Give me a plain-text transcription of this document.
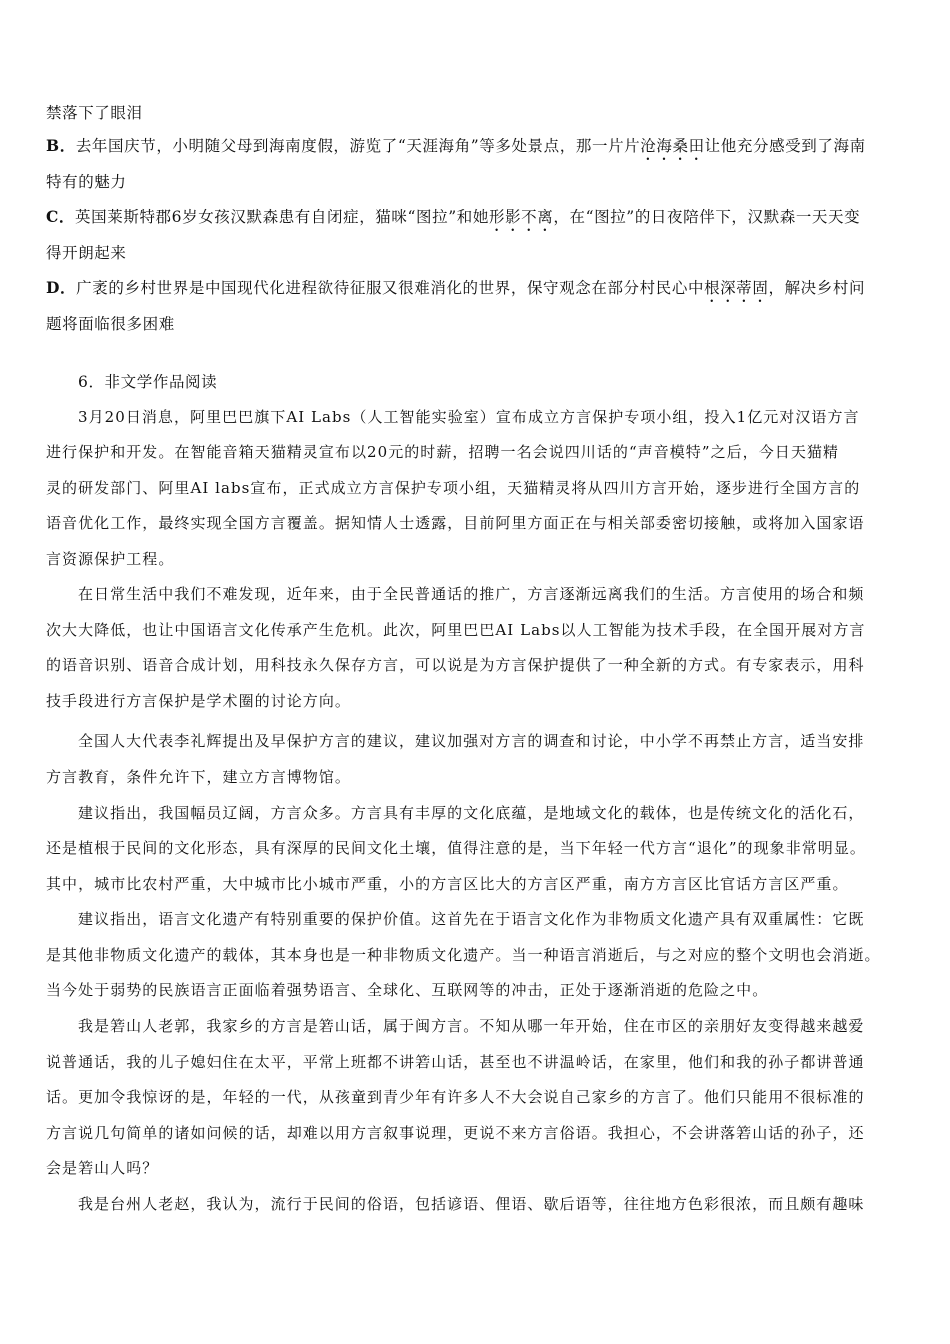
禁落下了眼泪
B．去年国庆节，小明随父母到海南度假，游览了“天涯海角”等多处景点，那一片片沧海桑田让他充分感受到了海南
特有的魅力
C．英国莱斯特郡6岁女孩汉默森患有自闭症，猫咪“图拉”和她形影不离，在“图拉”的日夜陪伴下，汉默森一天天变
得开朗起来
D．广袤的乡村世界是中国现代化进程欲待征服又很难消化的世界，保守观念在部分村民心中根深蒂固，解决乡村问
题将面临很多困难
6．非文学作品阅读
3月20日消息，阿里巴巴旗下AI Labs（人工智能实验室）宣布成立方言保护专项小组，投入1亿元对汉语方言
进行保护和开发。在智能音箱天猫精灵宣布以20元的时薪，招聘一名会说四川话的“声音模特”之后，今日天猫精
灵的研发部门、阿里AI labs宣布，正式成立方言保护专项小组，天猫精灵将从四川方言开始，逐步进行全国方言的
语音优化工作，最终实现全国方言覆盖。据知情人士透露，目前阿里方面正在与相关部委密切接触，或将加入国家语
言资源保护工程。
在日常生活中我们不难发现，近年来，由于全民普通话的推广，方言逐渐远离我们的生活。方言使用的场合和频
次大大降低，也让中国语言文化传承产生危机。此次，阿里巴巴AI Labs以人工智能为技术手段，在全国开展对方言
的语音识别、语音合成计划，用科技永久保存方言，可以说是为方言保护提供了一种全新的方式。有专家表示，用科
技手段进行方言保护是学术圈的讨论方向。
全国人大代表李礼辉提出及早保护方言的建议，建议加强对方言的调查和讨论，中小学不再禁止方言，适当安排
方言教育，条件允许下，建立方言博物馆。
建议指出，我国幅员辽阔，方言众多。方言具有丰厚的文化底蕴，是地域文化的载体，也是传统文化的活化石，
还是植根于民间的文化形态，具有深厚的民间文化土壤，值得注意的是，当下年轻一代方言“退化”的现象非常明显。
其中，城市比农村严重，大中城市比小城市严重，小的方言区比大的方言区严重，南方方言区比官话方言区严重。
建议指出，语言文化遗产有特别重要的保护价值。这首先在于语言文化作为非物质文化遗产具有双重属性：它既
是其他非物质文化遗产的载体，其本身也是一种非物质文化遗产。当一种语言消逝后，与之对应的整个文明也会消逝。
当今处于弱势的民族语言正面临着强势语言、全球化、互联网等的冲击，正处于逐渐消逝的危险之中。
我是箬山人老郭，我家乡的方言是箬山话，属于闽方言。不知从哪一年开始，住在市区的亲朋好友变得越来越爱
说普通话，我的儿子媳妇住在太平，平常上班都不讲箬山话，甚至也不讲温岭话，在家里，他们和我的孙子都讲普通
话。更加令我惊讶的是，年轻的一代，从孩童到青少年有许多人不大会说自己家乡的方言了。他们只能用不很标准的
方言说几句简单的诸如问候的话，却难以用方言叙事说理，更说不来方言俗语。我担心，不会讲落箬山话的孙子，还
会是箬山人吗？
我是台州人老赵，我认为，流行于民间的俗语，包括谚语、俚语、歇后语等，往往地方色彩很浓，而且颇有趣味
